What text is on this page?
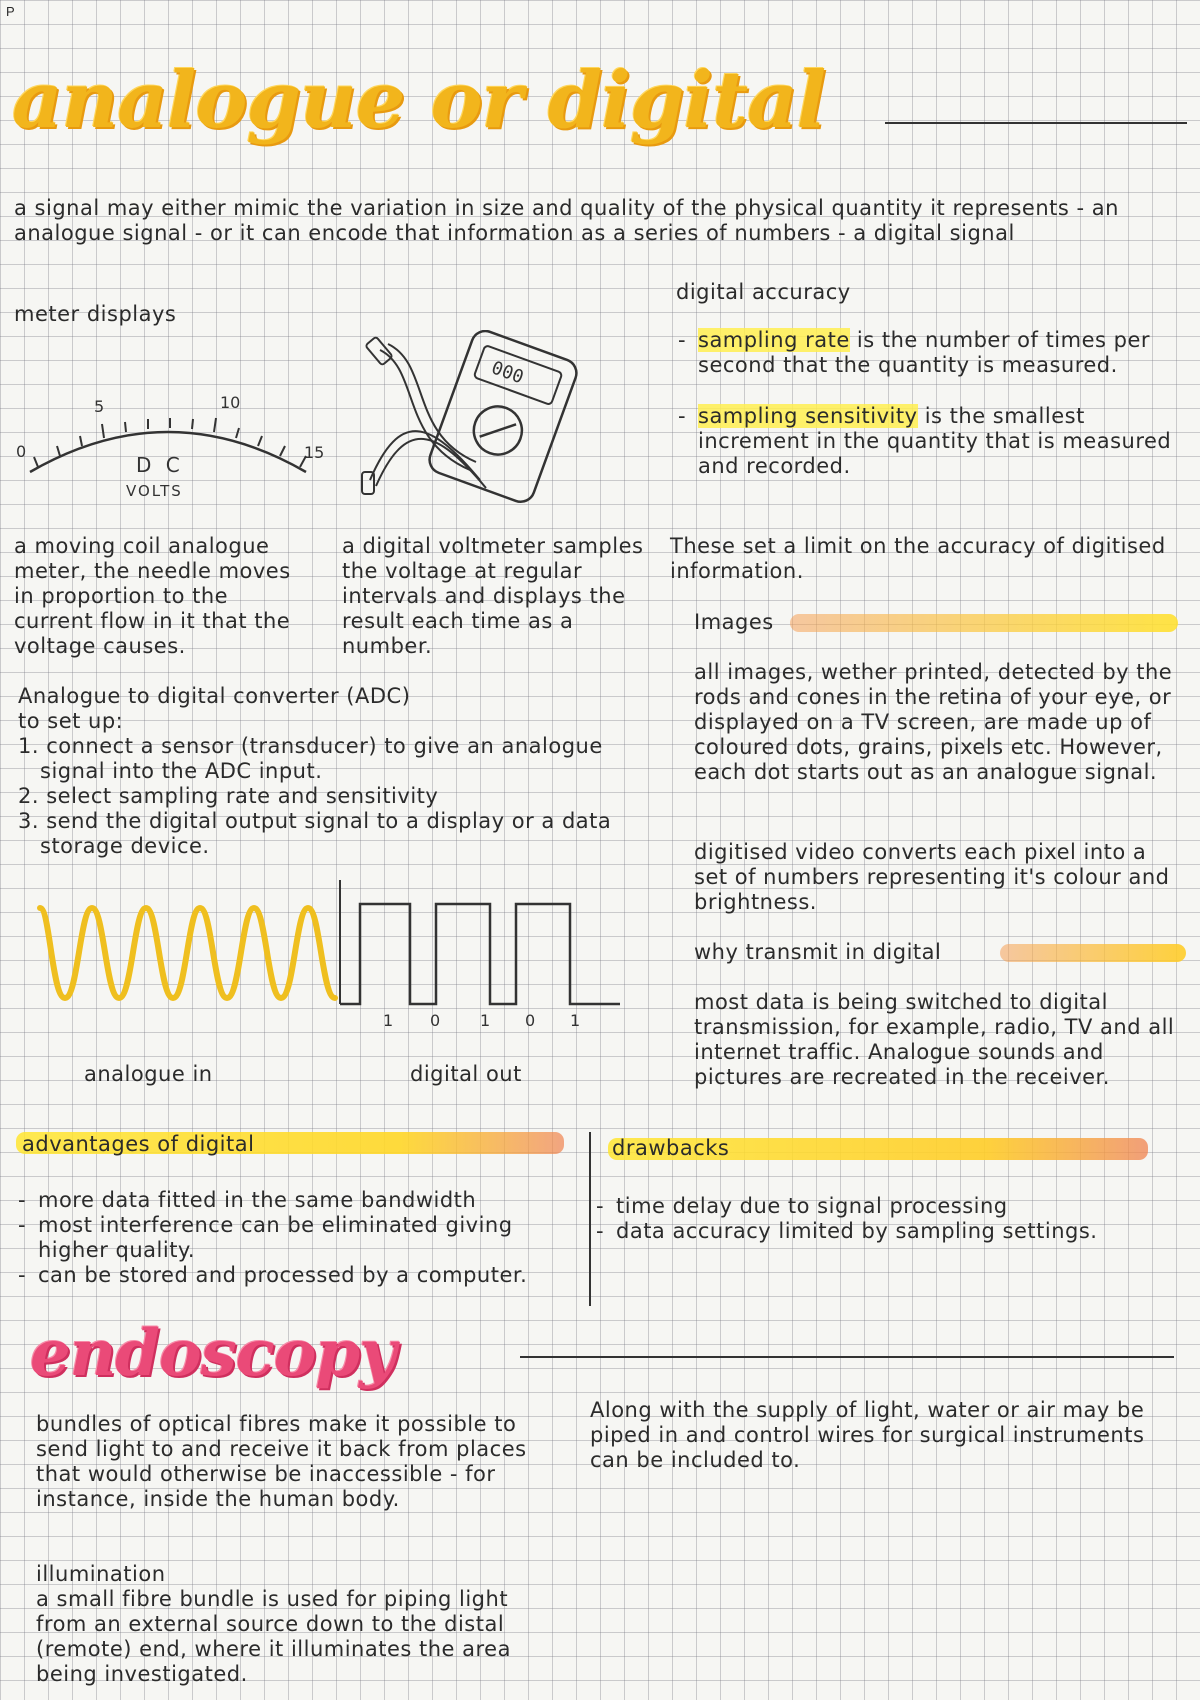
P
analogue or digital
a signal may either mimic the variation in size and quality of the physical quantity it represents - an analogue signal - or it can encode that information as a series of numbers - a digital signal
meter displays
0
5	10
15
D C
VOLTS
000
a moving coil analogue meter, the needle moves in proportion to the current flow in it that the voltage causes.
a digital voltmeter samples the voltage at regular intervals and displays the result each time as a number.
Analogue to digital converter (ADC)
to set up:
1. connect a sensor (transducer) to give an analogue signal into the ADC input.
2. select sampling rate and sensitivity
3. send the digital output signal to a display or a data storage device.
1 0 1 0 1
analogue in	digital out
digital accuracy
- sampling rate is the number of times per second that the quantity is measured.
- sampling sensitivity is the smallest increment in the quantity that is measured and recorded.
These set a limit on the accuracy of digitised information.
Images
all images, wether printed, detected by the rods and cones in the retina of your eye, or displayed on a TV screen, are made up of coloured dots, grains, pixels etc. However, each dot starts out as an analogue signal.
digitised video converts each pixel into a set of numbers representing it's colour and brightness.
why transmit in digital
most data is being switched to digital transmission, for example, radio, TV and all internet traffic. Analogue sounds and pictures are recreated in the receiver.
advantages of digital	drawbacks
- more data fitted in the same bandwidth
- most interference can be eliminated giving higher quality.
- can be stored and processed by a computer.
- time delay due to signal processing
- data accuracy limited by sampling settings.
endoscopy
bundles of optical fibres make it possible to send light to and receive it back from places that would otherwise be inaccessible - for instance, inside the human body.
Along with the supply of light, water or air may be piped in and control wires for surgical instruments can be included to.
illumination
a small fibre bundle is used for piping light from an external source down to the distal (remote) end, where it illuminates the area being investigated.
